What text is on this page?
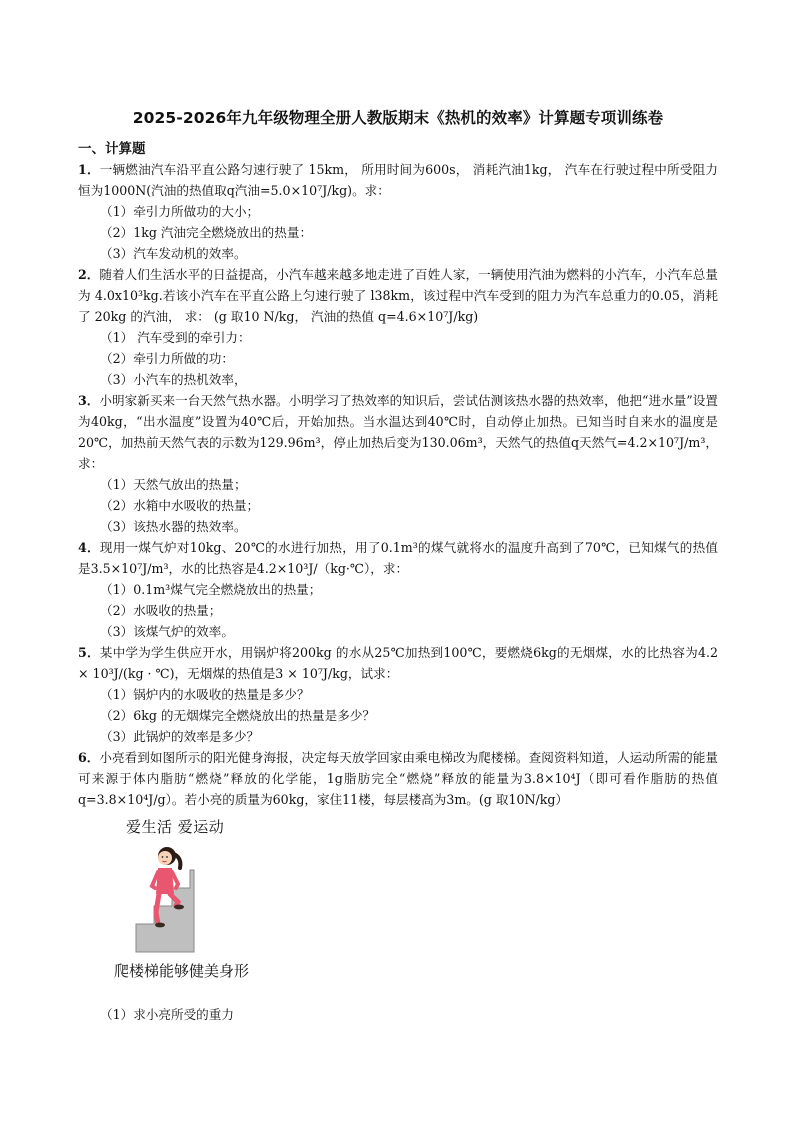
2025-2026年九年级物理全册人教版期末《热机的效率》计算题专项训练卷
一、计算题

1．一辆燃油汽车沿平直公路匀速行驶了 15km， 所用时间为600s， 消耗汽油1kg， 汽车在行驶过程中所受阻力恒为1000N(汽油的热值取q汽油=5.0×10⁷J/kg)。求：

（1）牵引力所做功的大小；

（2）1kg 汽油完全燃烧放出的热量：

（3）汽车发动机的效率。

2．随着人们生活水平的日益提高，小汽车越来越多地走进了百姓人家，一辆使用汽油为燃料的小汽车，小汽车总量为 4.0x10³kg.若该小汽车在平直公路上匀速行驶了 l38km，该过程中汽车受到的阻力为汽车总重力的0.05，消耗了 20kg 的汽油， 求： (g 取10 N/kg， 汽油的热值 q=4.6×10⁷J/kg)

（1） 汽车受到的牵引力：

（2）牵引力所做的功：

（3）小汽车的热机效率，

3．小明家新买来一台天然气热水器。小明学习了热效率的知识后，尝试估测该热水器的热效率，他把“进水量”设置为40kg，“出水温度”设置为40℃后，开始加热。当水温达到40℃时，自动停止加热。已知当时自来水的温度是20℃，加热前天然气表的示数为129.96m³，停止加热后变为130.06m³，天然气的热值q天然气=4.2×10⁷J/m³，求：

（1）天然气放出的热量；

（2）水箱中水吸收的热量；

（3）该热水器的热效率。

4．现用一煤气炉对10kg、20℃的水进行加热，用了0.1m³的煤气就将水的温度升高到了70℃，已知煤气的热值是3.5×10⁷J/m³，水的比热容是4.2×10³J/（kg·℃），求：

（1）0.1m³煤气完全燃烧放出的热量；

（2）水吸收的热量；

（3）该煤气炉的效率。

5．某中学为学生供应开水，用锅炉将200kg 的水从25℃加热到100℃，要燃烧6kg的无烟煤，水的比热容为4.2 × 10³J/(kg · ℃)，无烟煤的热值是3 × 10⁷J/kg，试求：

（1）锅炉内的水吸收的热量是多少？

（2）6kg 的无烟煤完全燃烧放出的热量是多少？

（3）此锅炉的效率是多少？

6．小亮看到如图所示的阳光健身海报，决定每天放学回家由乘电梯改为爬楼梯。查阅资料知道，人运动所需的能量可来源于体内脂肪“燃烧”释放的化学能，1g脂肪完全“燃烧”释放的能量为3.8×10⁴J（即可看作脂肪的热值q=3.8×10⁴J/g）。若小亮的质量为60kg，家住11楼，每层楼高为3m。(g 取10N/kg）

爱生活 爱运动
爬楼梯能够健美身形

（1）求小亮所受的重力
